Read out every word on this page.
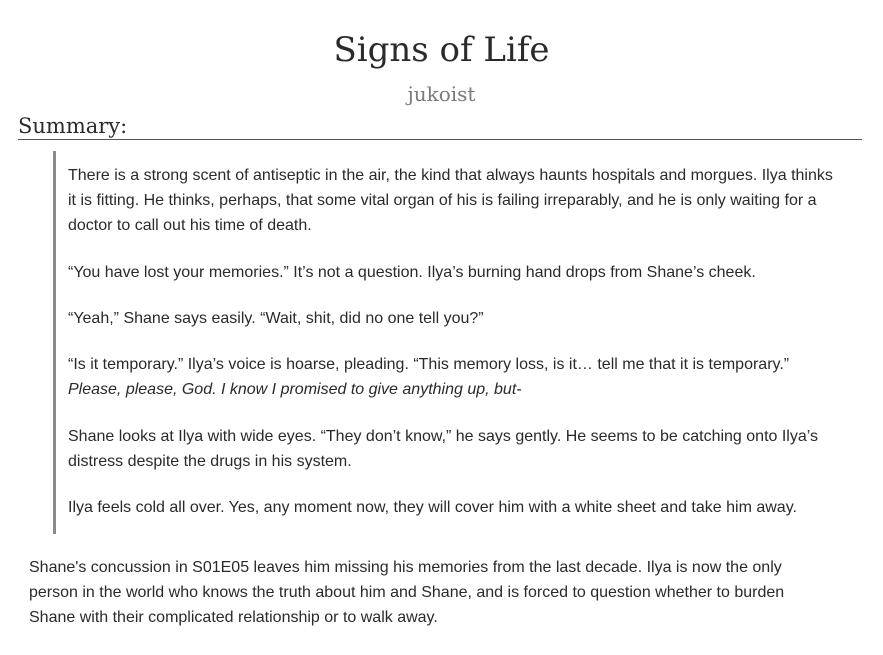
Signs of Life
jukoist
Summary:

There is a strong scent of antiseptic in the air, the kind that always haunts hospitals and morgues. Ilya thinks it is fitting. He thinks, perhaps, that some vital organ of his is failing irreparably, and he is only waiting for a doctor to call out his time of death.

“You have lost your memories.” It’s not a question. Ilya’s burning hand drops from Shane’s cheek.

“Yeah,” Shane says easily. “Wait, shit, did no one tell you?”

“Is it temporary.” Ilya’s voice is hoarse, pleading. “This memory loss, is it… tell me that it is temporary.”
Please, please, God. I know I promised to give anything up, but-

Shane looks at Ilya with wide eyes. “They don’t know,” he says gently. He seems to be catching onto Ilya’s distress despite the drugs in his system.

Ilya feels cold all over. Yes, any moment now, they will cover him with a white sheet and take him away.

Shane's concussion in S01E05 leaves him missing his memories from the last decade. Ilya is now the only person in the world who knows the truth about him and Shane, and is forced to question whether to burden Shane with their complicated relationship or to walk away.
